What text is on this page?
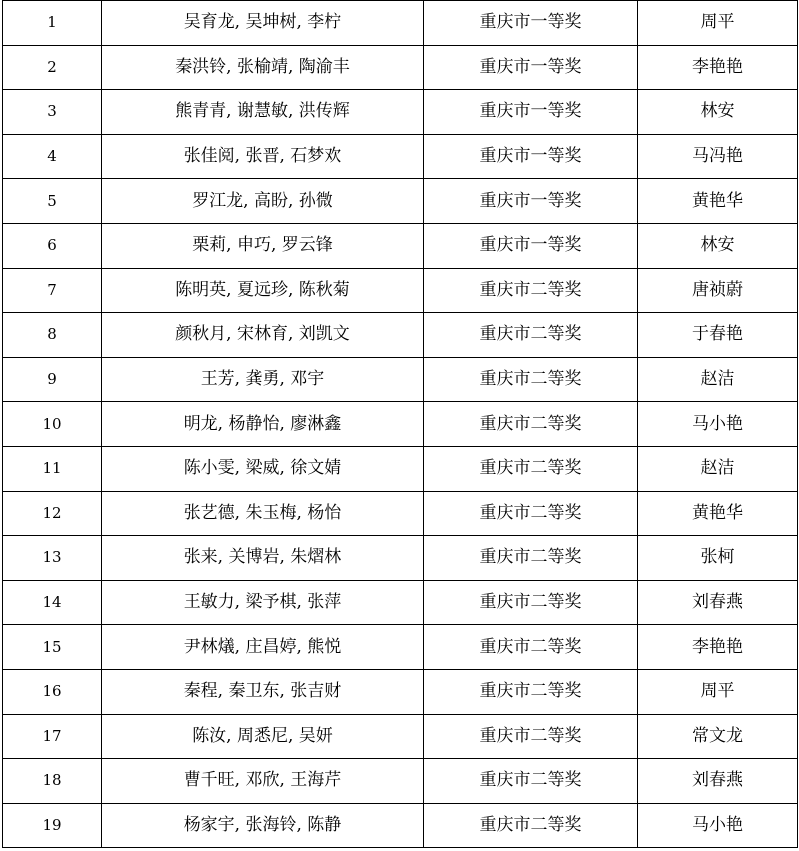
1	吴育龙, 吴坤树, 李柠	重庆市一等奖	周平
2	秦洪铃, 张榆靖, 陶渝丰	重庆市一等奖	李艳艳
3	熊青青, 谢慧敏, 洪传辉	重庆市一等奖	林安
4	张佳阅, 张晋, 石梦欢	重庆市一等奖	马冯艳
5	罗江龙, 高盼, 孙微	重庆市一等奖	黄艳华
6	栗莉, 申巧, 罗云锋	重庆市一等奖	林安
7	陈明英, 夏远珍, 陈秋菊	重庆市二等奖	唐祯蔚
8	颜秋月, 宋林育, 刘凯文	重庆市二等奖	于春艳
9	王芳, 龚勇, 邓宇	重庆市二等奖	赵洁
10	明龙, 杨静怡, 廖淋鑫	重庆市二等奖	马小艳
11	陈小雯, 梁威, 徐文婧	重庆市二等奖	赵洁
12	张艺德, 朱玉梅, 杨怡	重庆市二等奖	黄艳华
13	张来, 关博岩, 朱熠林	重庆市二等奖	张柯
14	王敏力, 梁予棋, 张萍	重庆市二等奖	刘春燕
15	尹林燨, 庄昌婷, 熊悦	重庆市二等奖	李艳艳
16	秦程, 秦卫东, 张吉财	重庆市二等奖	周平
17	陈汝, 周悉尼, 吴妍	重庆市二等奖	常文龙
18	曹千旺, 邓欣, 王海芹	重庆市二等奖	刘春燕
19	杨家宇, 张海铃, 陈静	重庆市二等奖	马小艳
